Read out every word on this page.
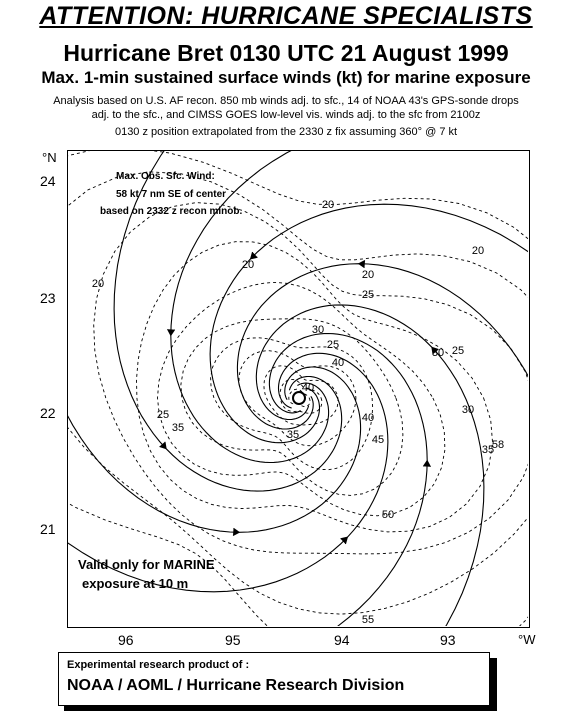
ATTENTION: HURRICANE SPECIALISTS
Hurricane Bret 0130 UTC 21 August 1999
Max. 1-min sustained surface winds (kt) for marine exposure
Analysis based on U.S. AF recon. 850 mb winds adj. to sfc., 14 of NOAA 43's GPS-sonde drops
adj. to the sfc., and CIMSS GOES low-level vis. winds adj. to the sfc from 2100z
0130 z position extrapolated from the 2330 z fix assuming 360° @ 7 kt
°N
24
23
22
21
96	95	94	93	°W
20
20
20
20
20
25
25
25
25
30
30
30
35
35
35
40
40
40
45
50
55
58
Max. Obs. Sfc. Wind:
58 kt 7 nm SE of center
based on 2332 z recon minob.
Valid only for MARINE
exposure at 10 m
Experimental research product of :
NOAA / AOML / Hurricane Research Division
